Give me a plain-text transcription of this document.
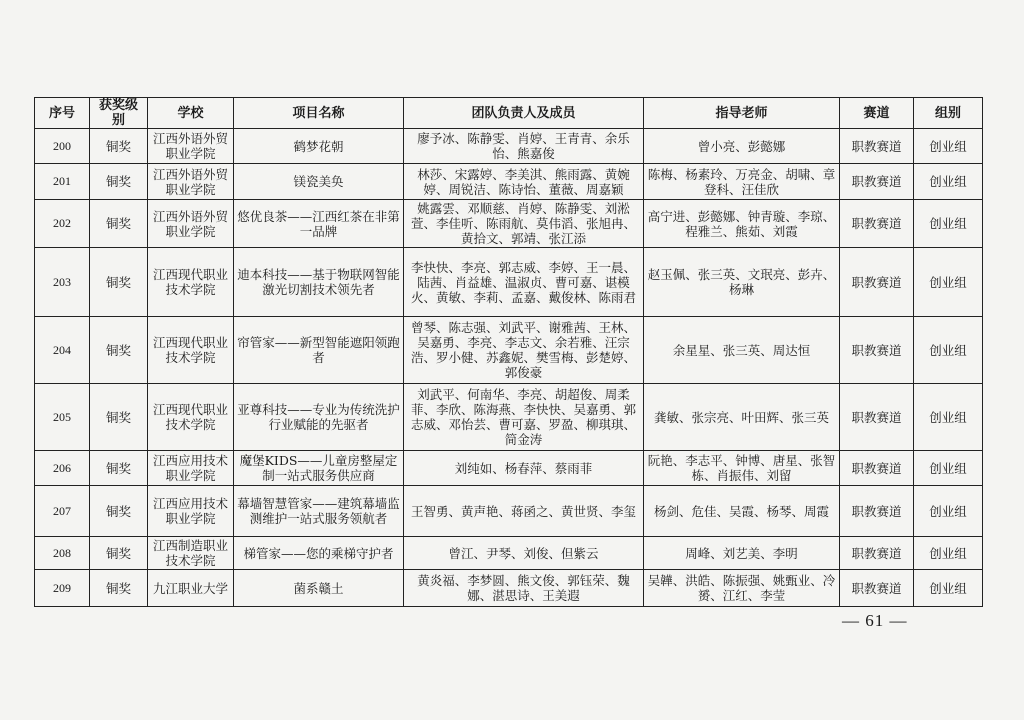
序号	获奖级别	学校	项目名称	团队负责人及成员	指导老师	赛道	组别
200	铜奖	江西外语外贸职业学院	鹤梦花朝	廖予冰、陈静雯、肖婷、王青青、余乐怡、熊嘉俊	曾小亮、彭懿娜	职教赛道	创业组
201	铜奖	江西外语外贸职业学院	镁瓷美奂	林莎、宋露婷、李美淇、熊雨露、黄婉婷、周锐洁、陈诗怡、董薇、周嘉颖	陈梅、杨素玲、万亮金、胡啸、章登科、汪佳欣	职教赛道	创业组
202	铜奖	江西外语外贸职业学院	悠优良茶——江西红茶在非第一品牌	姚露雲、邓顺慈、肖婷、陈静雯、刘淞萱、李佳听、陈雨航、莫伟滔、张旭冉、黄拾文、郭靖、张江添	高宁进、彭懿娜、钟青璇、李琼、程雅兰、熊茹、刘霞	职教赛道	创业组
203	铜奖	江西现代职业技术学院	迪本科技——基于物联网智能激光切割技术领先者	李快快、李亮、郭志威、李婷、王一晨、陆茜、肖益雄、温淑贞、曹可嘉、谌模火、黄敏、李莉、孟嘉、戴俊林、陈雨君	赵玉佩、张三英、文珉亮、彭卉、杨琳	职教赛道	创业组
204	铜奖	江西现代职业技术学院	帘管家——新型智能遮阳领跑者	曾琴、陈志强、刘武平、谢雅茜、王林、吴嘉勇、李亮、李志文、余若雅、汪宗浩、罗小健、苏鑫妮、樊雪梅、彭楚婷、郭俊豪	余星星、张三英、周达恒	职教赛道	创业组
205	铜奖	江西现代职业技术学院	亚尊科技——专业为传统洗护行业赋能的先驱者	刘武平、何南华、李亮、胡超俊、周柔菲、李欣、陈海燕、李快快、吴嘉勇、郭志威、邓怡芸、曹可嘉、罗盈、柳琪琪、简金涛	龚敏、张宗亮、叶田辉、张三英	职教赛道	创业组
206	铜奖	江西应用技术职业学院	魔堡KIDS——儿童房整屋定制一站式服务供应商	刘纯如、杨春萍、蔡雨菲	阮艳、李志平、钟博、唐星、张智栋、肖振伟、刘留	职教赛道	创业组
207	铜奖	江西应用技术职业学院	幕墙智慧管家——建筑幕墙监测维护一站式服务领航者	王智勇、黄声艳、蒋函之、黄世贤、李玺	杨剑、危佳、吴霞、杨琴、周霞	职教赛道	创业组
208	铜奖	江西制造职业技术学院	梯管家——您的乘梯守护者	曾江、尹琴、刘俊、但紫云	周峰、刘艺美、李明	职教赛道	创业组
209	铜奖	九江职业大学	菌系赣土	黄炎福、李梦圆、熊文俊、郭钰荣、魏娜、湛思诗、王美遐	吴韡、洪皓、陈振强、姚甄业、冷赟、江红、李莹	职教赛道	创业组
— 61 —
